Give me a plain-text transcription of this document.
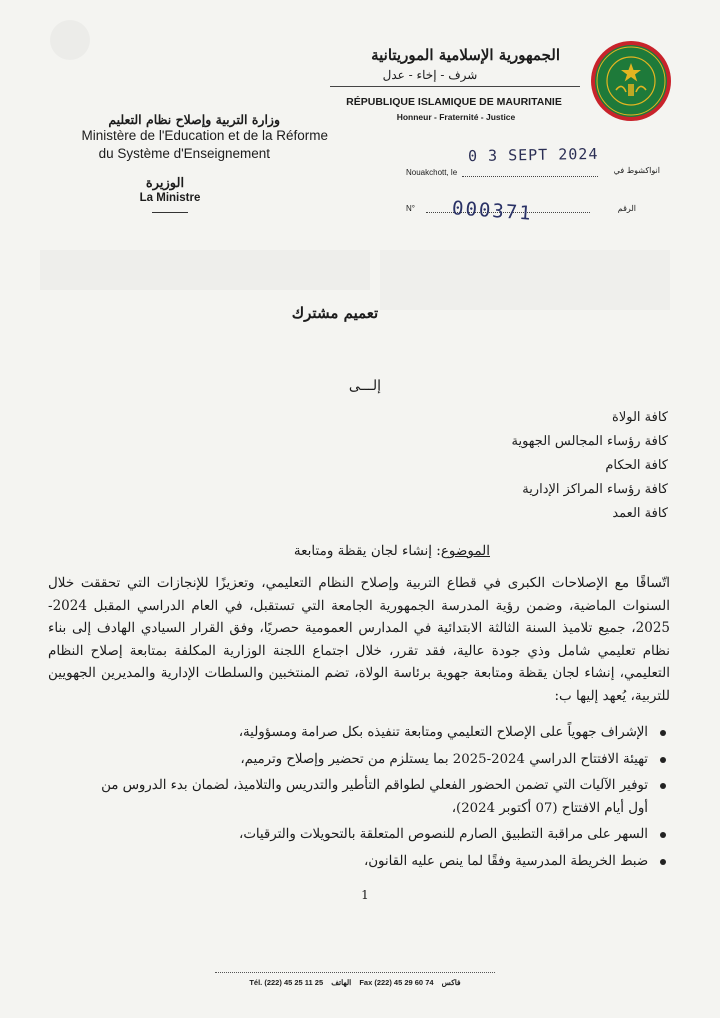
الجمهورية الإسلامية الموريتانية
شرف - إخاء - عدل
RÉPUBLIQUE ISLAMIQUE DE MAURITANIE
Honneur - Fraternité - Justice
وزارة التربية وإصلاح نظام التعليم
Ministère de l'Education et de la Réforme
du Système d'Enseignement
الوزيرة
La Ministre
Nouakchott, le
0 3 SEPT 2024
انواكشوط في
N° 000371	الرقم
تعميم مشترك
إلـــى
كافة الولاة
كافة رؤساء المجالس الجهوية
كافة الحكام
كافة رؤساء المراكز الإدارية
كافة العمد
الموضوع: إنشاء لجان يقظة ومتابعة
اتّساقًا مع الإصلاحات الكبرى في قطاع التربية وإصلاح النظام التعليمي، وتعزيزًا للإنجازات التي تحققت خلال السنوات الماضية، وضمن رؤية المدرسة الجمهورية الجامعة التي تستقبل، في العام الدراسي المقبل 2024-2025، جميع تلاميذ السنة الثالثة الابتدائية في المدارس العمومية حصريًا، وفق القرار السيادي الهادف إلى بناء نظام تعليمي شامل وذي جودة عالية، فقد تقرر، خلال اجتماع اللجنة الوزارية المكلفة بمتابعة إصلاح النظام التعليمي، إنشاء لجان يقظة ومتابعة جهوية برئاسة الولاة، تضم المنتخبين والسلطات الإدارية والمديرين الجهويين للتربية، يُعهد إليها ب:
الإشراف جهوياً على الإصلاح التعليمي ومتابعة تنفيذه بكل صرامة ومسؤولية،
تهيئة الافتتاح الدراسي 2024-2025 بما يستلزم من تحضير وإصلاح وترميم،
توفير الآليات التي تضمن الحضور الفعلي لطواقم التأطير والتدريس والتلاميذ، لضمان بدء الدروس من أول أيام الافتتاح (07 أكتوبر 2024)،
السهر على مراقبة التطبيق الصارم للنصوص المتعلقة بالتحويلات والترقيات،
ضبط الخريطة المدرسية وفقًا لما ينص عليه القانون،
1
Tél. (222) 45 25 11 25 الهاتف Fax (222) 45 29 60 74 فاكس
